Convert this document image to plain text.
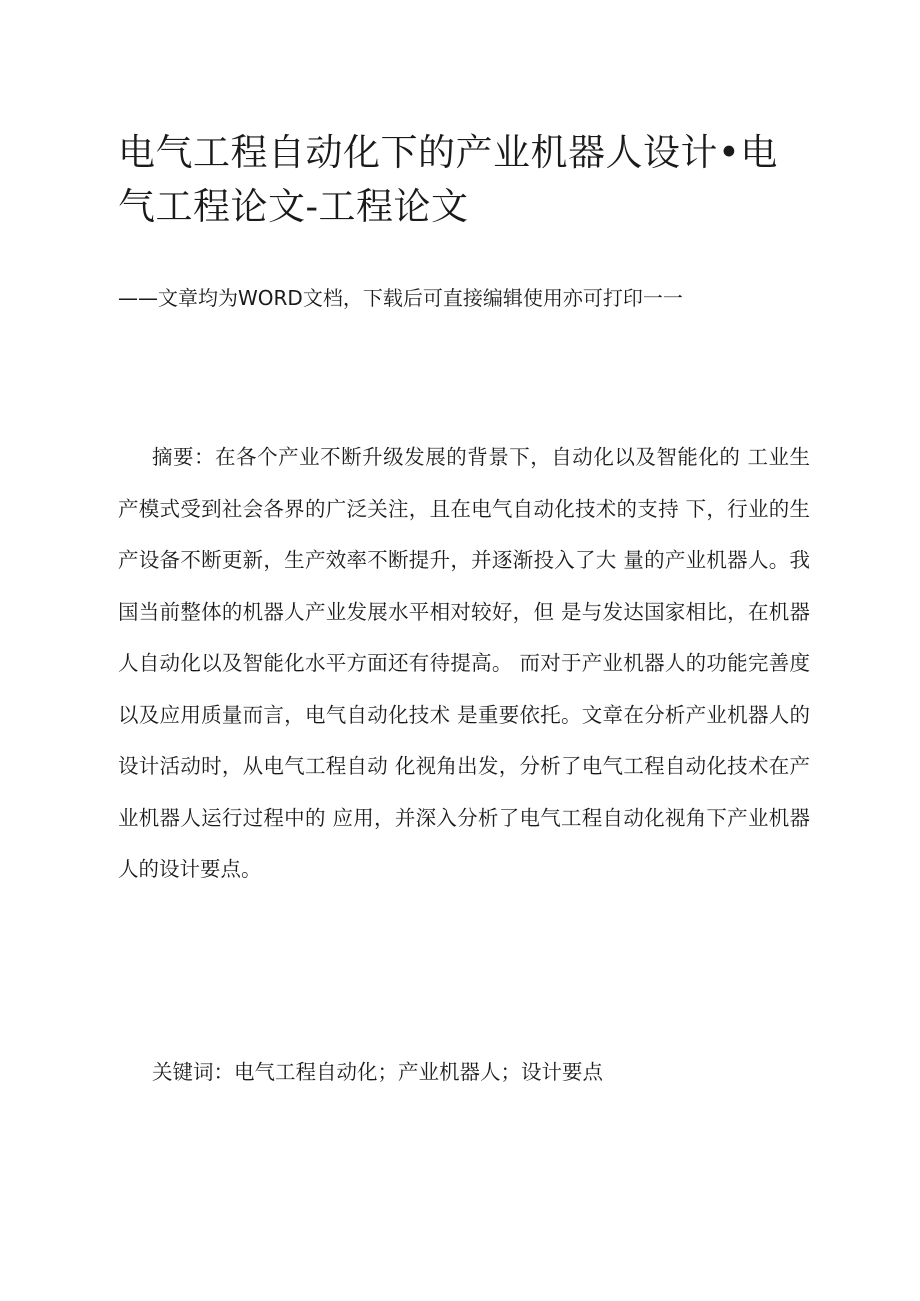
电气工程自动化下的产业机器人设计•电气工程论文-工程论文

——文章均为WORD文档，下载后可直接编辑使用亦可打印一一

摘要：在各个产业不断升级发展的背景下，自动化以及智能化的 工业生产模式受到社会各界的广泛关注，且在电气自动化技术的支持 下，行业的生产设备不断更新，生产效率不断提升，并逐渐投入了大 量的产业机器人。我国当前整体的机器人产业发展水平相对较好，但 是与发达国家相比，在机器人自动化以及智能化水平方面还有待提高。 而对于产业机器人的功能完善度以及应用质量而言，电气自动化技术 是重要依托。文章在分析产业机器人的设计活动时，从电气工程自动 化视角出发，分析了电气工程自动化技术在产业机器人运行过程中的 应用，并深入分析了电气工程自动化视角下产业机器人的设计要点。

关键词：电气工程自动化；产业机器人；设计要点
